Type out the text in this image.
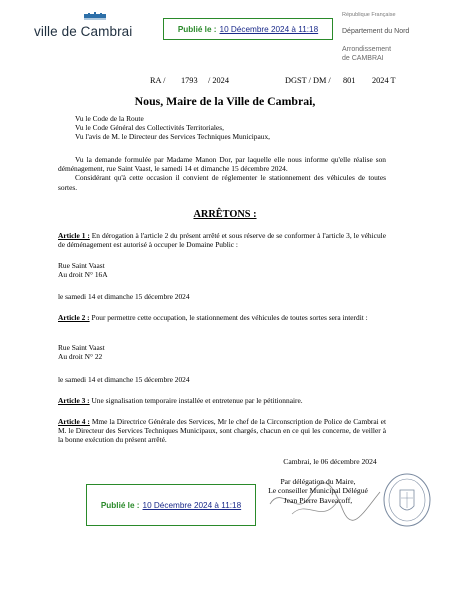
ville de Cambrai	Publié le : 10 Décembre 2024 à 11:18
République Française
Département du Nord
Arrondissement
de CAMBRAI
RA / 1793 / 2024	DGST / DM / 801 2024 T
Nous, Maire de la Ville de Cambrai,

Vu le Code de la Route

Vu le Code Général des Collectivités Territoriales,

Vu l'avis de M. le Directeur des Services Techniques Municipaux,

Vu la demande formulée par Madame Manon Dor, par laquelle elle nous informe qu'elle réalise son déménagement, rue Saint Vaast, le samedi 14 et dimanche 15 décembre 2024.

Considérant qu'à cette occasion il convient de réglementer le stationnement des véhicules de toutes sortes.

ARRÊTONS :

Article 1 : En dérogation à l'article 2 du présent arrêté et sous réserve de se conformer à l'article 3, le véhicule de déménagement est autorisé à occuper le Domaine Public :

Rue Saint Vaast

Au droit N° 16A

le samedi 14 et dimanche 15 décembre 2024

Article 2 : Pour permettre cette occupation, le stationnement des véhicules de toutes sortes sera interdit :

Rue Saint Vaast

Au droit N° 22

le samedi 14 et dimanche 15 décembre 2024

Article 3 : Une signalisation temporaire installée et entretenue par le pétitionnaire.

Article 4 : Mme la Directrice Générale des Services, Mr le chef de la Circonscription de Police de Cambrai et M. le Directeur des Services Techniques Municipaux, sont chargés, chacun en ce qui les concerne, de veiller à la bonne exécution du présent arrêté.

Cambrai, le 06 décembre 2024
Par délégation du Maire,
Le conseiller Municipal Délégué
Jean Pierre Baveacoff,
Publié le : 10 Décembre 2024 à 11:18
